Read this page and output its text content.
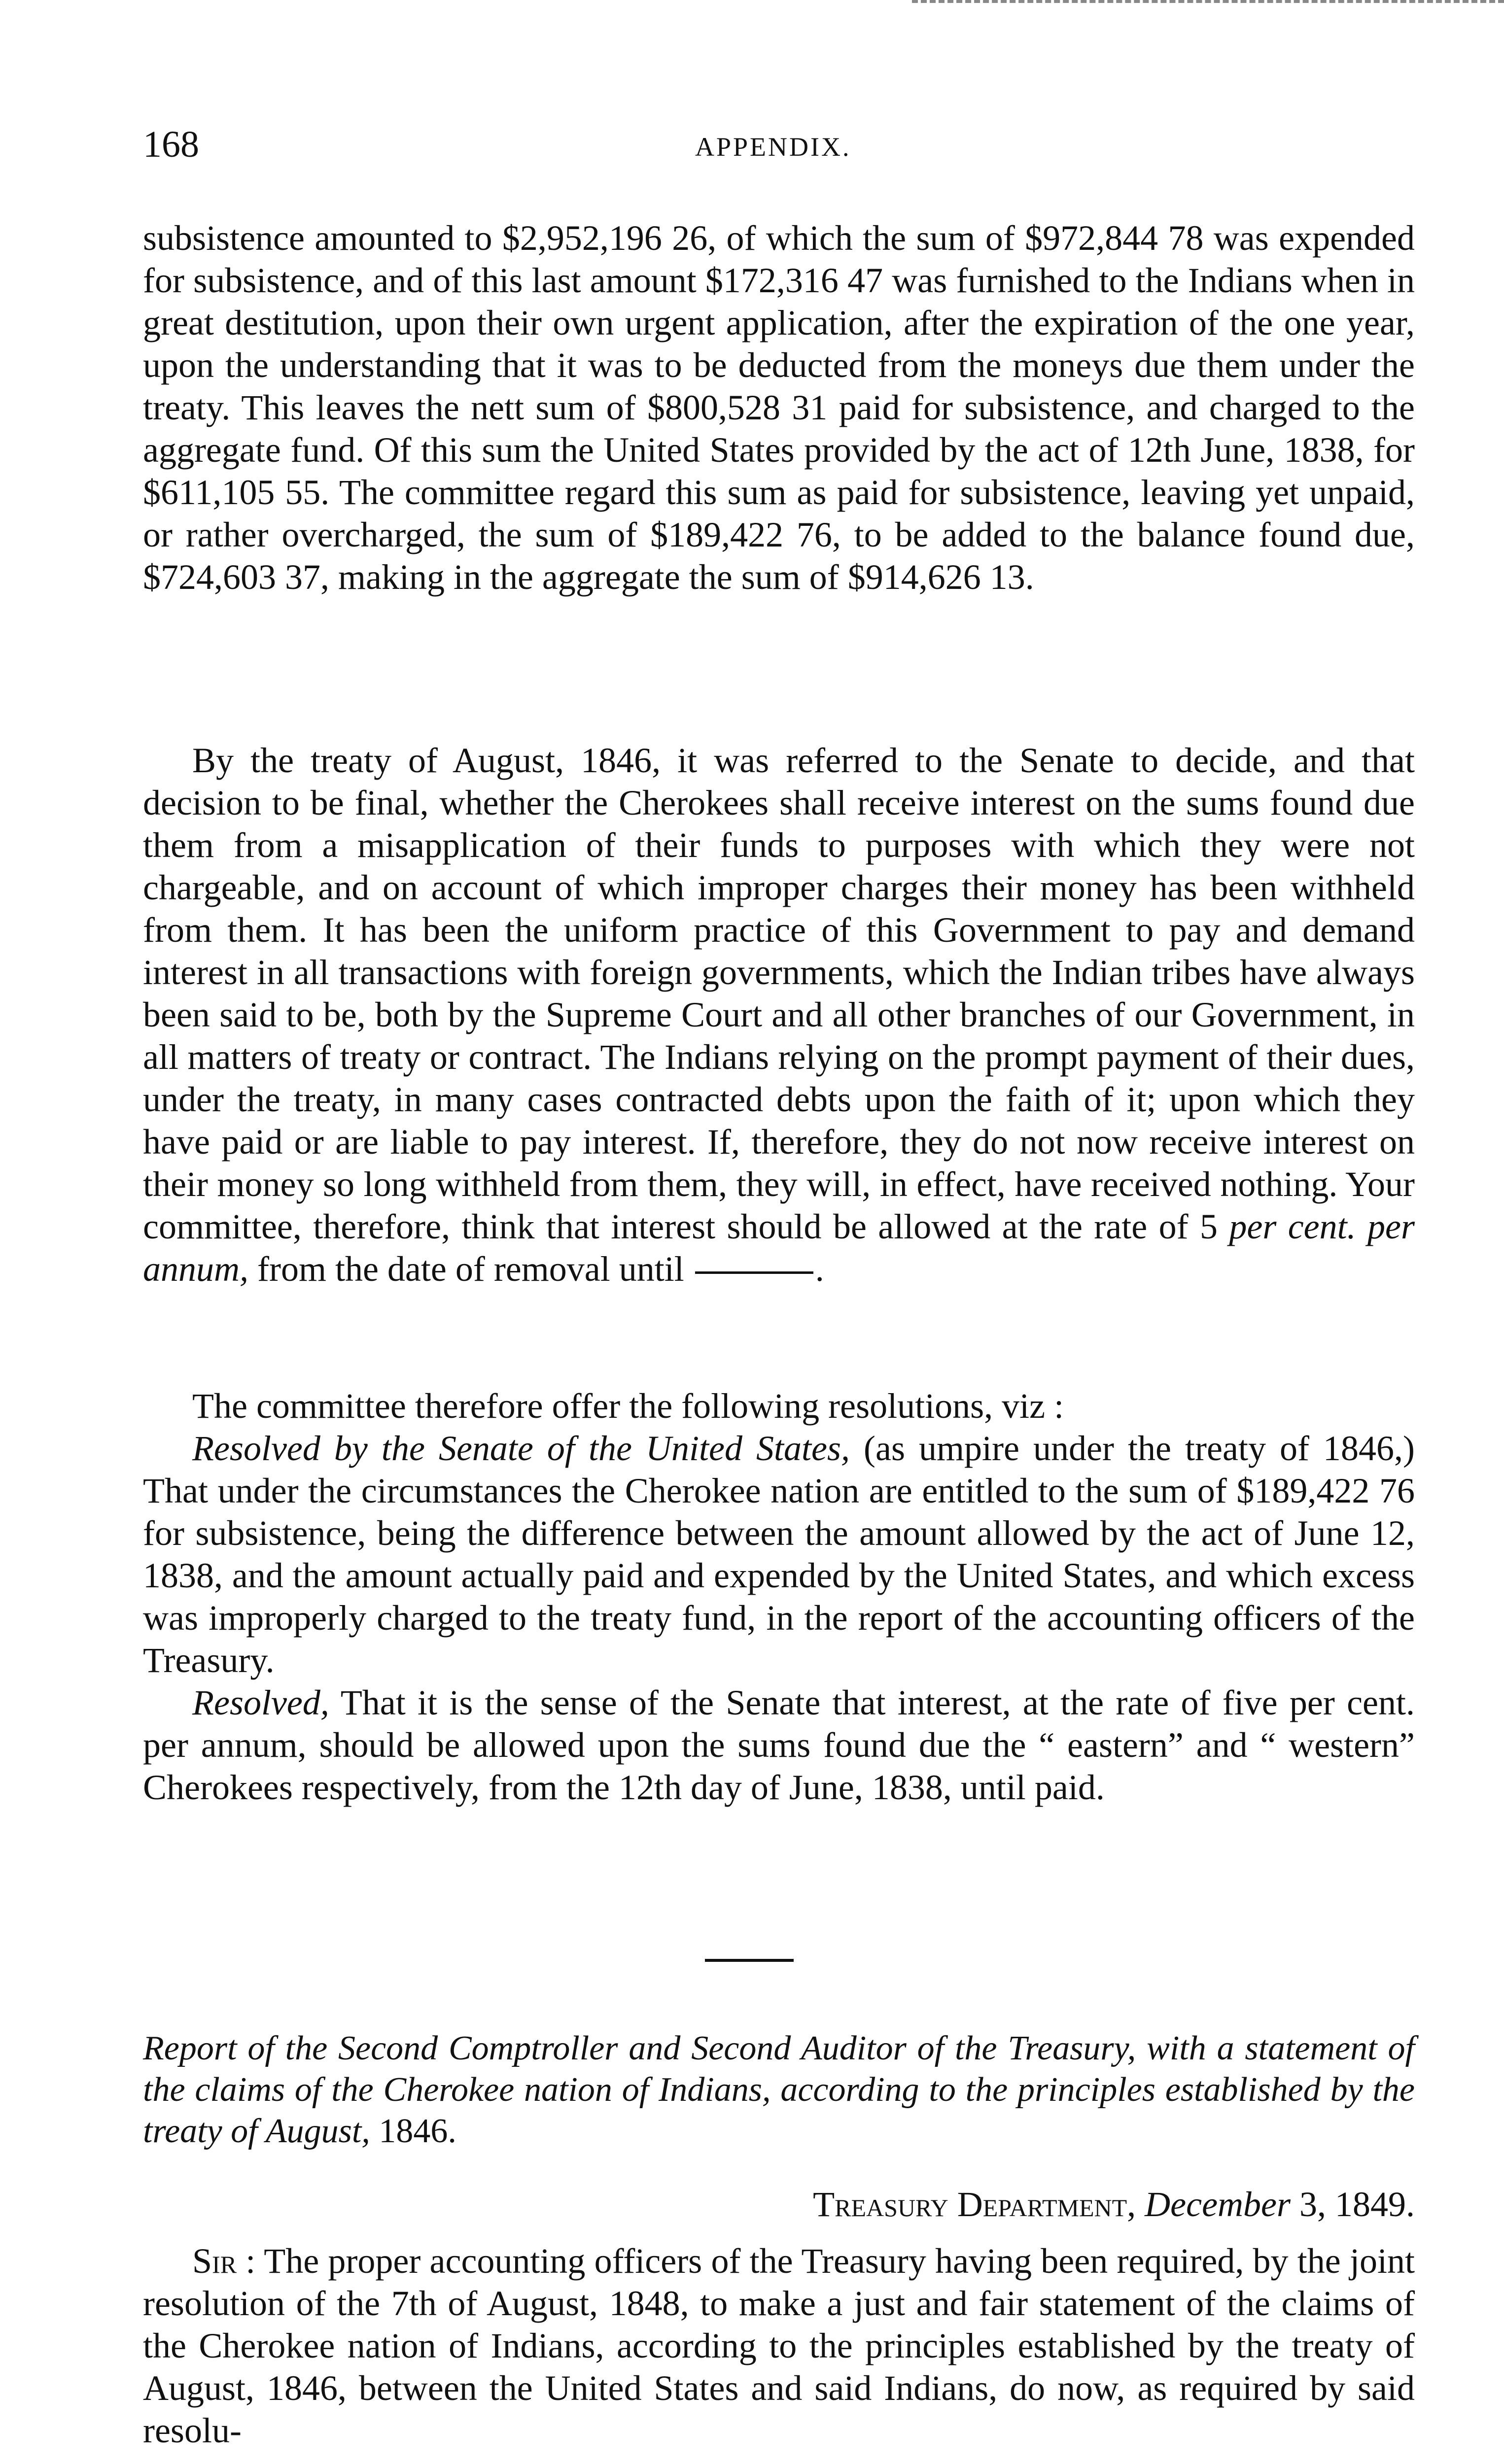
168	APPENDIX.

subsistence amounted to $2,952,196 26, of which the sum of $972,844 78 was expended for subsistence, and of this last amount $172,316 47 was furnished to the Indians when in great destitution, upon their own urgent application, after the expiration of the one year, upon the understanding that it was to be deducted from the moneys due them under the treaty. This leaves the nett sum of $800,528 31 paid for subsistence, and charged to the aggregate fund. Of this sum the United States provided by the act of 12th June, 1838, for $611,105 55. The committee regard this sum as paid for subsistence, leaving yet unpaid, or rather overcharged, the sum of $189,422 76, to be added to the balance found due, $724,603 37, making in the aggregate the sum of $914,626 13.

By the treaty of August, 1846, it was referred to the Senate to decide, and that decision to be final, whether the Cherokees shall receive interest on the sums found due them from a misapplication of their funds to purposes with which they were not chargeable, and on account of which improper charges their money has been withheld from them. It has been the uniform practice of this Government to pay and demand interest in all transactions with foreign governments, which the Indian tribes have always been said to be, both by the Supreme Court and all other branches of our Government, in all matters of treaty or contract. The Indians relying on the prompt payment of their dues, under the treaty, in many cases contracted debts upon the faith of it; upon which they have paid or are liable to pay interest. If, therefore, they do not now receive interest on their money so long withheld from them, they will, in effect, have received nothing. Your committee, therefore, think that interest should be allowed at the rate of 5 per cent. per annum, from the date of removal until	.

The committee therefore offer the following resolutions, viz :

Resolved by the Senate of the United States, (as umpire under the treaty of 1846,) That under the circumstances the Cherokee nation are entitled to the sum of $189,422 76 for subsistence, being the difference between the amount allowed by the act of June 12, 1838, and the amount actually paid and expended by the United States, and which excess was improperly charged to the treaty fund, in the report of the accounting officers of the Treasury.

Resolved, That it is the sense of the Senate that interest, at the rate of five per cent. per annum, should be allowed upon the sums found due the “ eastern” and “ western” Cherokees respectively, from the 12th day of June, 1838, until paid.

Report of the Second Comptroller and Second Auditor of the Treasury, with a statement of the claims of the Cherokee nation of Indians, according to the principles established by the treaty of August, 1846.
Treasury Department, December 3, 1849.

Sir : The proper accounting officers of the Treasury having been required, by the joint resolution of the 7th of August, 1848, to make a just and fair statement of the claims of the Cherokee nation of Indians, according to the principles established by the treaty of August, 1846, between the United States and said Indians, do now, as required by said resolu-
